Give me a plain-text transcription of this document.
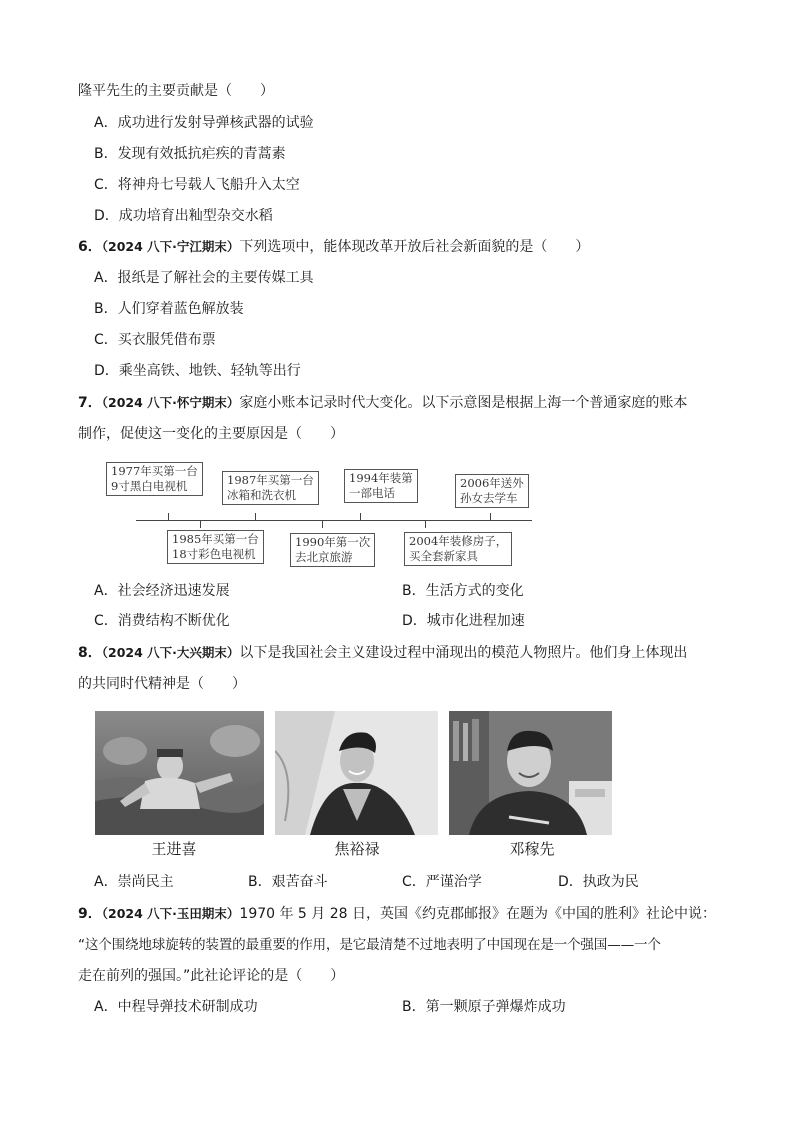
隆平先生的主要贡献是（　　）
A．成功进行发射导弹核武器的试验
B．发现有效抵抗疟疾的青蒿素
C．将神舟七号载人飞船升入太空
D．成功培育出籼型杂交水稻
6．（2024 八下·宁江期末）下列选项中，能体现改革开放后社会新面貌的是（　　）
A．报纸是了解社会的主要传媒工具
B．人们穿着蓝色解放装
C．买衣服凭借布票
D．乘坐高铁、地铁、轻轨等出行
7．（2024 八下·怀宁期末）家庭小账本记录时代大变化。以下示意图是根据上海一个普通家庭的账本
制作，促使这一变化的主要原因是（　　）
1977年买第一台
9寸黑白电视机	1987年买第一台
冰箱和洗衣机
1994年装第
一部电话
2006年送外
孙女去学车
1985年买第一台
18寸彩色电视机
1990年第一次
去北京旅游
2004年装修房子，
买全套新家具
A．社会经济迅速发展	B．生活方式的变化
C．消费结构不断优化	D．城市化进程加速
8．（2024 八下·大兴期末）以下是我国社会主义建设过程中涌现出的模范人物照片。他们身上体现出
的共同时代精神是（　　）
王进喜	焦裕禄	邓稼先
A．崇尚民主	B．艰苦奋斗	C．严谨治学	D．执政为民
9．（2024 八下·玉田期末）1970 年 5 月 28 日，英国《约克郡邮报》在题为《中国的胜利》社论中说：
“这个围绕地球旋转的装置的最重要的作用，是它最清楚不过地表明了中国现在是一个强国——一个
走在前列的强国。”此社论评论的是（　　）
A．中程导弹技术研制成功	B．第一颗原子弹爆炸成功
